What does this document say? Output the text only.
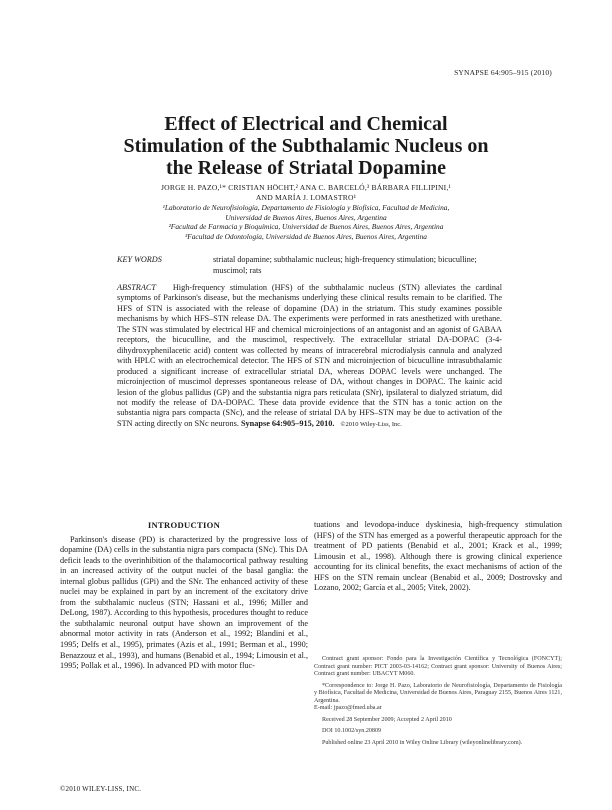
SYNAPSE 64:905–915 (2010)
Effect of Electrical and Chemical
Stimulation of the Subthalamic Nucleus on
the Release of Striatal Dopamine
JORGE H. PAZO,¹* CRISTIAN HÖCHT,² ANA C. BARCELÓ,³ BÁRBARA FILLIPINI,¹
AND MARÍA J. LOMASTRO¹
¹Laboratorio de Neurofisiología, Departamento de Fisiología y Biofísica, Facultad de Medicina,
Universidad de Buenos Aires, Buenos Aires, Argentina
²Facultad de Farmacia y Bioquímica, Universidad de Buenos Aires, Buenos Aires, Argentina
³Facultad de Odontología, Universidad de Buenos Aires, Buenos Aires, Argentina
KEY WORDS	striatal dopamine; subthalamic nucleus; high-frequency stimulation; bicuculline; muscimol; rats
ABSTRACT High-frequency stimulation (HFS) of the subthalamic nucleus (STN) alleviates the cardinal symptoms of Parkinson's disease, but the mechanisms underlying these clinical results remain to be clarified. The HFS of STN is associated with the release of dopamine (DA) in the striatum. This study examines possible mechanisms by which HFS–STN release DA. The experiments were performed in rats anesthetized with urethane. The STN was stimulated by electrical HF and chemical microinjections of an antagonist and an agonist of GABAA receptors, the bicuculline, and the muscimol, respectively. The extracellular striatal DA-DOPAC (3-4-dihydroxyphenilacetic acid) content was collected by means of intracerebral microdialysis cannula and analyzed with HPLC with an electrochemical detector. The HFS of STN and microinjection of bicuculline intrasubthalamic produced a significant increase of extracellular striatal DA, whereas DOPAC levels were unchanged. The microinjection of muscimol depresses spontaneous release of DA, without changes in DOPAC. The kainic acid lesion of the globus pallidus (GP) and the substantia nigra pars reticulata (SNr), ipsilateral to dialyzed striatum, did not modify the release of DA-DOPAC. These data provide evidence that the STN has a tonic action on the substantia nigra pars compacta (SNc), and the release of striatal DA by HFS–STN may be due to activation of the STN acting directly on SNc neurons. Synapse 64:905–915, 2010. ©2010 Wiley-Liss, Inc.
INTRODUCTION

Parkinson's disease (PD) is characterized by the progressive loss of dopamine (DA) cells in the substantia nigra pars compacta (SNc). This DA deficit leads to the overinhibition of the thalamocortical pathway resulting in an increased activity of the output nuclei of the basal ganglia: the internal globus pallidus (GPi) and the SNr. The enhanced activity of these nuclei may be explained in part by an increment of the excitatory drive from the subthalamic nucleus (STN; Hassani et al., 1996; Miller and DeLong, 1987). According to this hypothesis, procedures thought to reduce the subthalamic neuronal output have shown an improvement of the abnormal motor activity in rats (Anderson et al., 1992; Blandini et al., 1995; Delfs et al., 1995), primates (Azis et al., 1991; Berman et al., 1990; Benazzouz et al., 1993), and humans (Benabid et al., 1994; Limousin et al., 1995; Pollak et al., 1996). In advanced PD with motor fluc-

tuations and levodopa-induce dyskinesia, high-frequency stimulation (HFS) of the STN has emerged as a powerful therapeutic approach for the treatment of PD patients (Benabid et al., 2001; Krack et al., 1999; Limousin et al., 1998). Although there is growing clinical experience accounting for its clinical benefits, the exact mechanisms of action of the HFS on the STN remain unclear (Benabid et al., 2009; Dostrovsky and Lozano, 2002; García et al., 2005; Vitek, 2002).

Contract grant sponsor: Fondo para la Investigación Científica y Tecnológica (FONCYT); Contract grant number: PICT 2003-03-14162; Contract grant sponsor: University of Buenos Aires; Contract grant number: UBACYT M060.

*Correspondence to: Jorge H. Pazo, Laboratorio de Neurofisiología, Departamento de Fisiología y Biofísica, Facultad de Medicina, Universidad de Buenos Aires, Paraguay 2155, Buenos Aires 1121, Argentina.

E-mail: jpazo@fmed.uba.ar

Received 28 September 2009; Accepted 2 April 2010

DOI 10.1002/syn.20809

Published online 23 April 2010 in Wiley Online Library (wileyonlinelibrary.com).

©2010 WILEY-LISS, INC.
